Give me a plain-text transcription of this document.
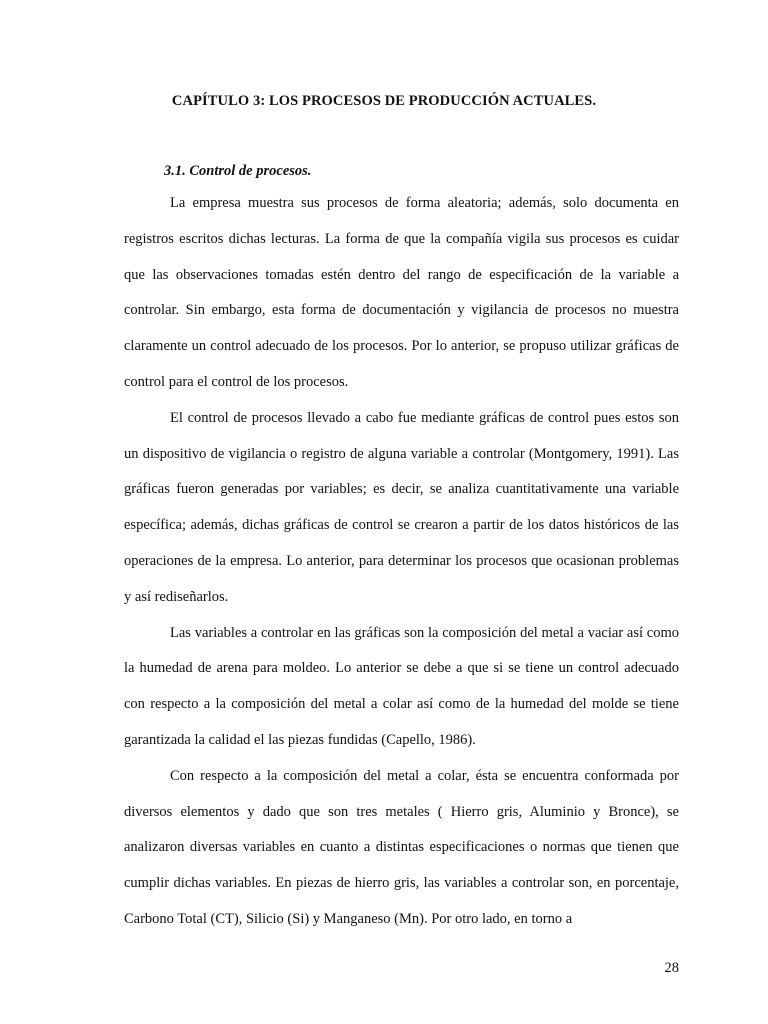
CAPÍTULO 3: LOS PROCESOS DE PRODUCCIÓN ACTUALES.
3.1. Control de procesos.

La empresa muestra sus procesos de forma aleatoria; además, solo documenta en registros escritos dichas lecturas. La forma de que la compañía vigila sus procesos es cuidar que las observaciones tomadas estén dentro del rango de especificación de la variable a controlar. Sin embargo, esta forma de documentación y vigilancia de procesos no muestra claramente un control adecuado de los procesos. Por lo anterior, se propuso utilizar gráficas de control para el control de los procesos.

El control de procesos llevado a cabo fue mediante gráficas de control pues estos son un dispositivo de vigilancia o registro de alguna variable a controlar (Montgomery, 1991). Las gráficas fueron generadas por variables; es decir, se analiza cuantitativamente una variable específica; además, dichas gráficas de control se crearon a partir de los datos históricos de las operaciones de la empresa. Lo anterior, para determinar los procesos que ocasionan problemas y así rediseñarlos.

Las variables a controlar en las gráficas son la composición del metal a vaciar así como la humedad de arena para moldeo. Lo anterior se debe a que si se tiene un control adecuado con respecto a la composición del metal a colar así como de la humedad del molde se tiene garantizada la calidad el las piezas fundidas (Capello, 1986).

Con respecto a la composición del metal a colar, ésta se encuentra conformada por diversos elementos y dado que son tres metales ( Hierro gris, Aluminio y Bronce), se analizaron diversas variables en cuanto a distintas especificaciones o normas que tienen que cumplir dichas variables. En piezas de hierro gris, las variables a controlar son, en porcentaje, Carbono Total (CT), Silicio (Si) y Manganeso (Mn). Por otro lado, en torno a

28
